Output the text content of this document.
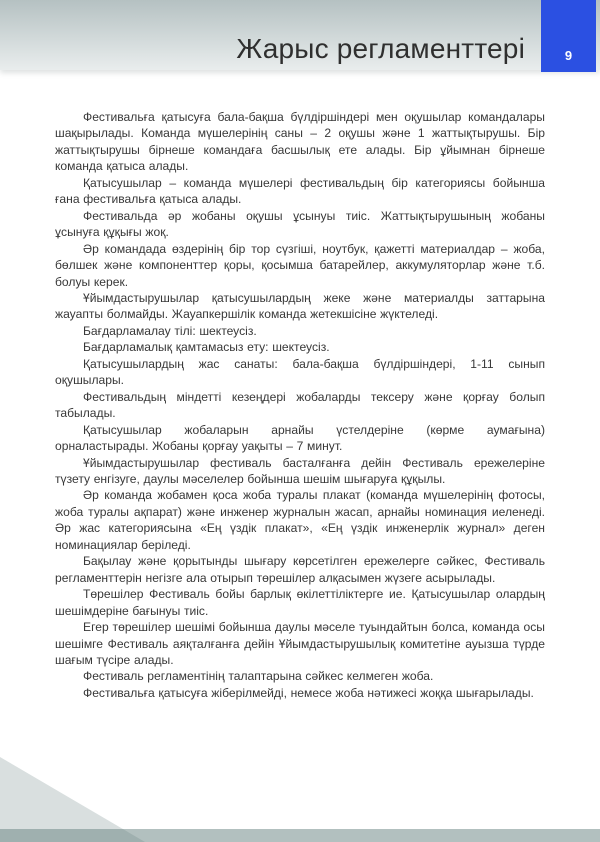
Жарыс регламенттері	9

Фестивальға қатысуға бала-бақша бүлдіршіндері мен оқушылар командалары шақырылады. Команда мүшелерінің саны – 2 оқушы және 1 жаттықтырушы. Бір жаттықтырушы бірнеше командаға басшылық ете алады. Бір ұйымнан бірнеше команда қатыса алады.

Қатысушылар – команда мүшелері фестивальдың бір категориясы бойынша ғана фестивальға қатыса алады.

Фестивальда әр жобаны оқушы ұсынуы тиіс. Жаттықтырушының жобаны ұсынуға құқығы жоқ.

Әр командада өздерінің бір тор сүзгіші, ноутбук, қажетті материалдар – жоба, бөлшек және компоненттер қоры, қосымша батарейлер, аккумуляторлар және т.б. болуы керек.

Ұйымдастырушылар қатысушылардың жеке және материалды заттарына жауапты болмайды. Жауапкершілік команда жетекшісіне жүктеледі.

Бағдарламалау тілі: шектеусіз.

Бағдарламалық қамтамасыз ету: шектеусіз.

Қатысушылардың жас санаты: бала-бақша бүлдіршіндері, 1-11 сынып оқушылары.

Фестивальдың міндетті кезеңдері жобаларды тексеру және қорғау болып табылады.

Қатысушылар жобаларын арнайы үстелдеріне (көрме аумағына) орналастырады. Жобаны қорғау уақыты – 7 минут.

Ұйымдастырушылар фестиваль басталғанға дейін Фестиваль ережелеріне түзету енгізуге, даулы мәселелер бойынша шешім шығаруға құқылы.

Әр команда жобамен қоса жоба туралы плакат (команда мүшелерінің фотосы, жоба туралы ақпарат) және инженер журналын жасап, арнайы номинация иеленеді. Әр жас категориясына «Ең үздік плакат», «Ең үздік инженерлік журнал» деген номинациялар беріледі.

Бақылау және қорытынды шығару көрсетілген ережелерге сәйкес, Фестиваль регламенттерін негізге ала отырып төрешілер алқасымен жүзеге асырылады.

Төрешілер Фестиваль бойы барлық өкілеттіліктерге ие. Қатысушылар олардың шешімдеріне бағынуы тиіс.

Егер төрешілер шешімі бойынша даулы мәселе туындайтын болса, команда осы шешімге Фестиваль аяқталғанға дейін Ұйымдастырушылық комитетіне ауызша түрде шағым түсіре алады.

Фестиваль регламентінің талаптарына сәйкес келмеген жоба.

Фестивальға қатысуға жіберілмейді, немесе жоба нәтижесі жоққа шығарылады.
